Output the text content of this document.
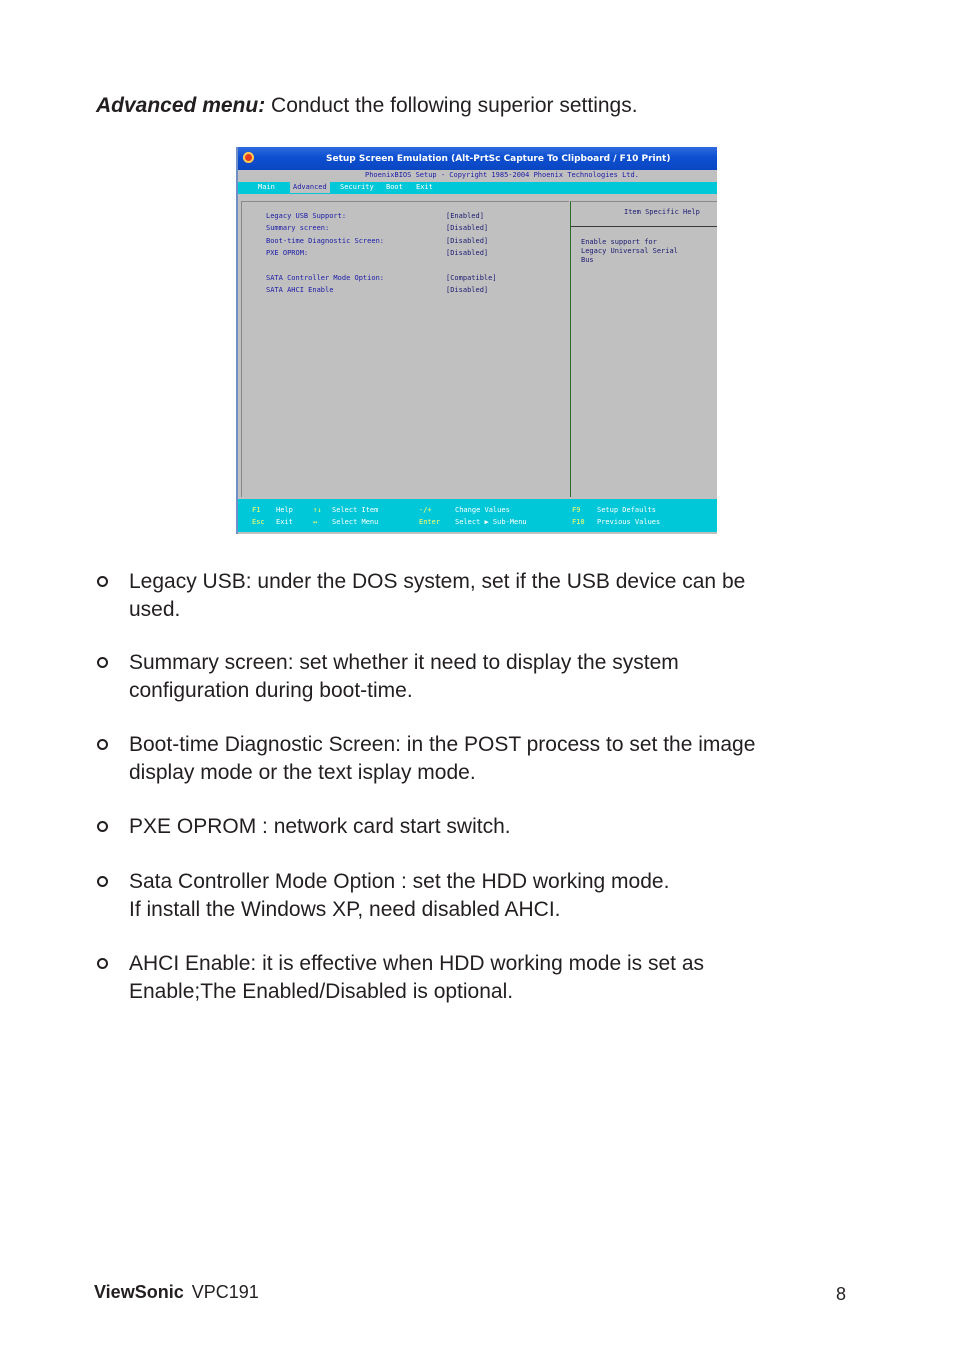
Advanced menu: Conduct the following superior settings.
Setup Screen Emulation (Alt-PrtSc Capture To Clipboard / F10 Print)
PhoenixBIOS Setup - Copyright 1985-2004 Phoenix Technologies Ltd.
Main	Advanced	Security Boot Exit
Legacy USB Support:	[Enabled]
Summary screen:	[Disabled]
Boot-time Diagnostic Screen:	[Disabled]
PXE OPROM:	[Disabled]
SATA Controller Mode Option:	[Compatible]
SATA AHCI Enable	[Disabled]
Item Specific Help
Enable support for
Legacy Universal Serial
Bus
F1 Help	↑↓ Select Item	-/+	Change Values	F9 Setup Defaults
Esc Exit	↔ Select Menu	Enter Select ▶ Sub-Menu	F10 Previous Values
Legacy USB: under the DOS system, set if the USB device can be
used.
Summary screen: set whether it need to display the system
configuration during boot-time.
Boot-time Diagnostic Screen: in the POST process to set the image
display mode or the text isplay mode.
PXE OPROM : network card start switch.
Sata Controller Mode Option : set the HDD working mode.
If install the Windows XP, need disabled AHCI.
AHCI Enable: it is effective when HDD working mode is set as
Enable;The Enabled/Disabled is optional.
ViewSonic VPC191	8
